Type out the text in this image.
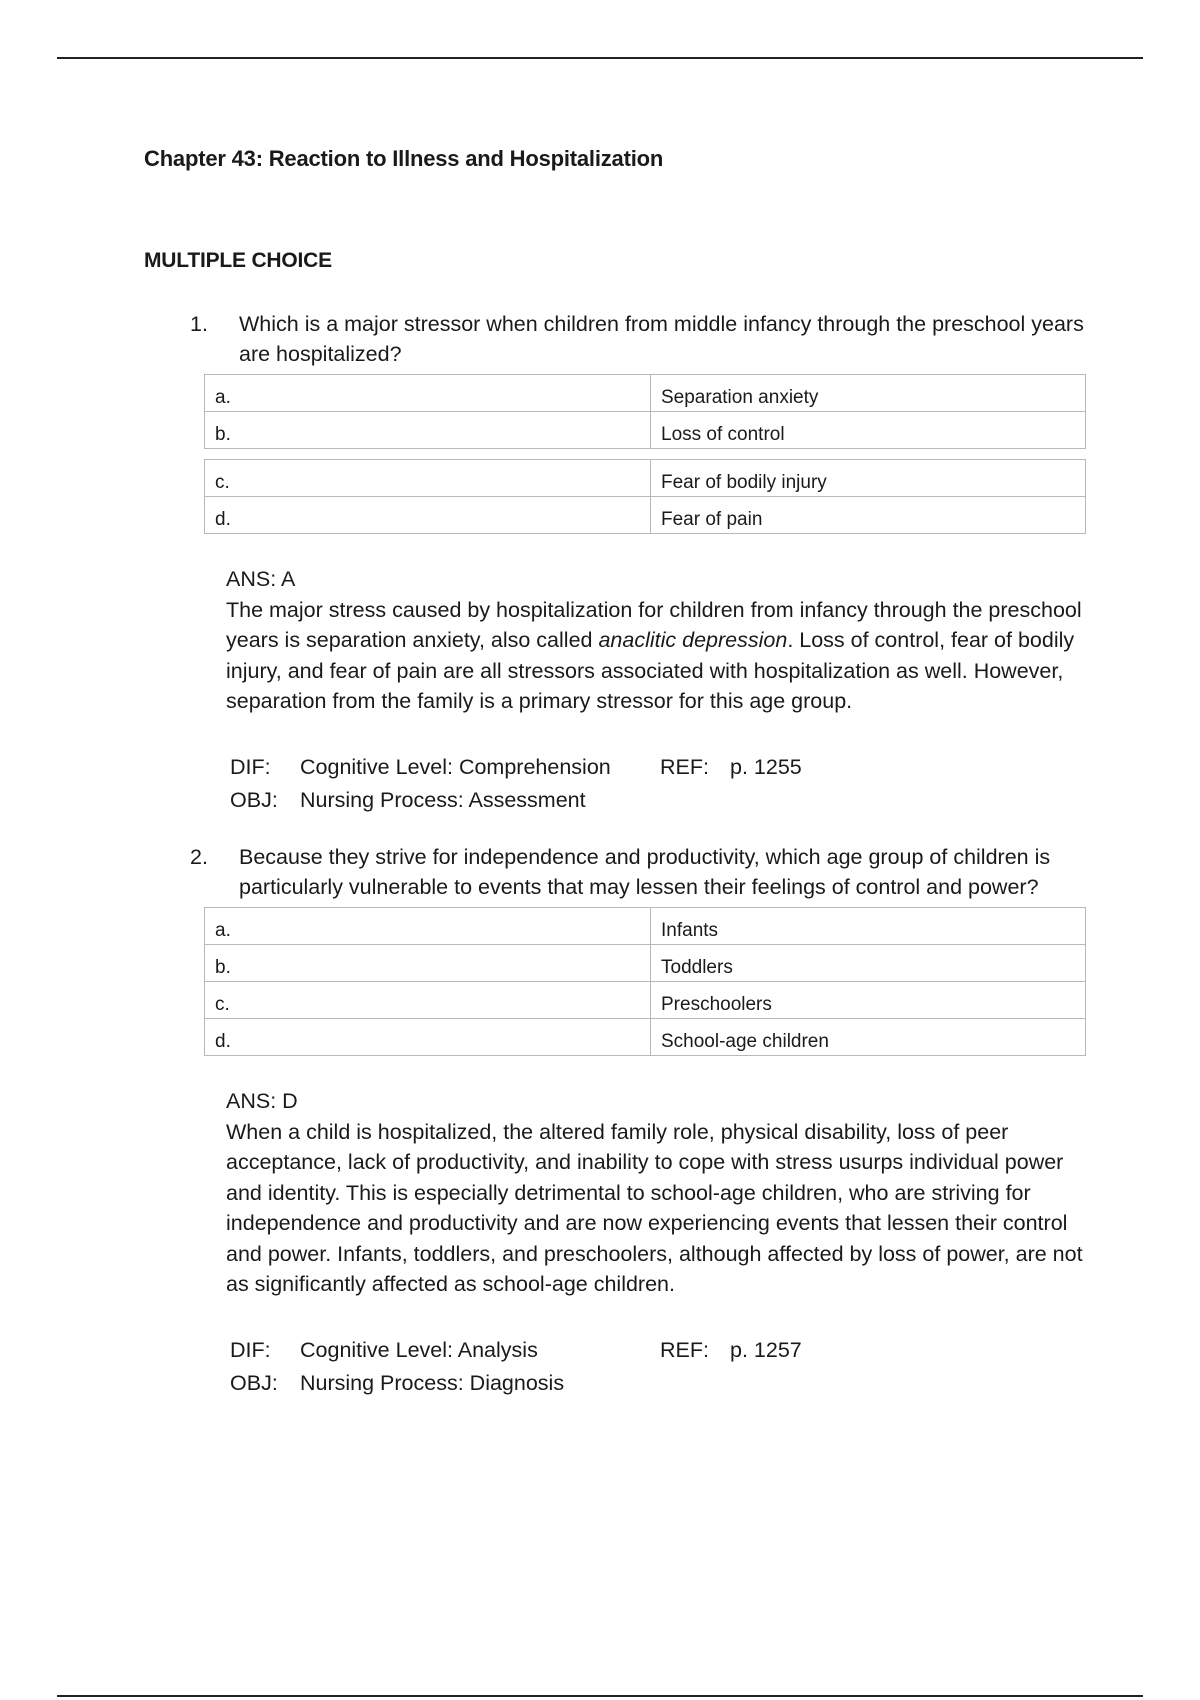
Chapter 43: Reaction to Illness and Hospitalization
MULTIPLE CHOICE
1. Which is a major stressor when children from middle infancy through the preschool years are hospitalized?
a.	Separation anxiety
b.	Loss of control
c.	Fear of bodily injury
d.	Fear of pain
ANS: A
The major stress caused by hospitalization for children from infancy through the preschool years is separation anxiety, also called anaclitic depression. Loss of control, fear of bodily injury, and fear of pain are all stressors associated with hospitalization as well. However, separation from the family is a primary stressor for this age group.
DIF: Cognitive Level: Comprehension REF: p. 1255
OBJ: Nursing Process: Assessment
2. Because they strive for independence and productivity, which age group of children is particularly vulnerable to events that may lessen their feelings of control and power?
a.	Infants
b.	Toddlers
c.	Preschoolers
d.	School-age children
ANS: D
When a child is hospitalized, the altered family role, physical disability, loss of peer acceptance, lack of productivity, and inability to cope with stress usurps individual power and identity. This is especially detrimental to school-age children, who are striving for independence and productivity and are now experiencing events that lessen their control and power. Infants, toddlers, and preschoolers, although affected by loss of power, are not as significantly affected as school-age children.
DIF: Cognitive Level: Analysis	REF: p. 1257
OBJ: Nursing Process: Diagnosis
